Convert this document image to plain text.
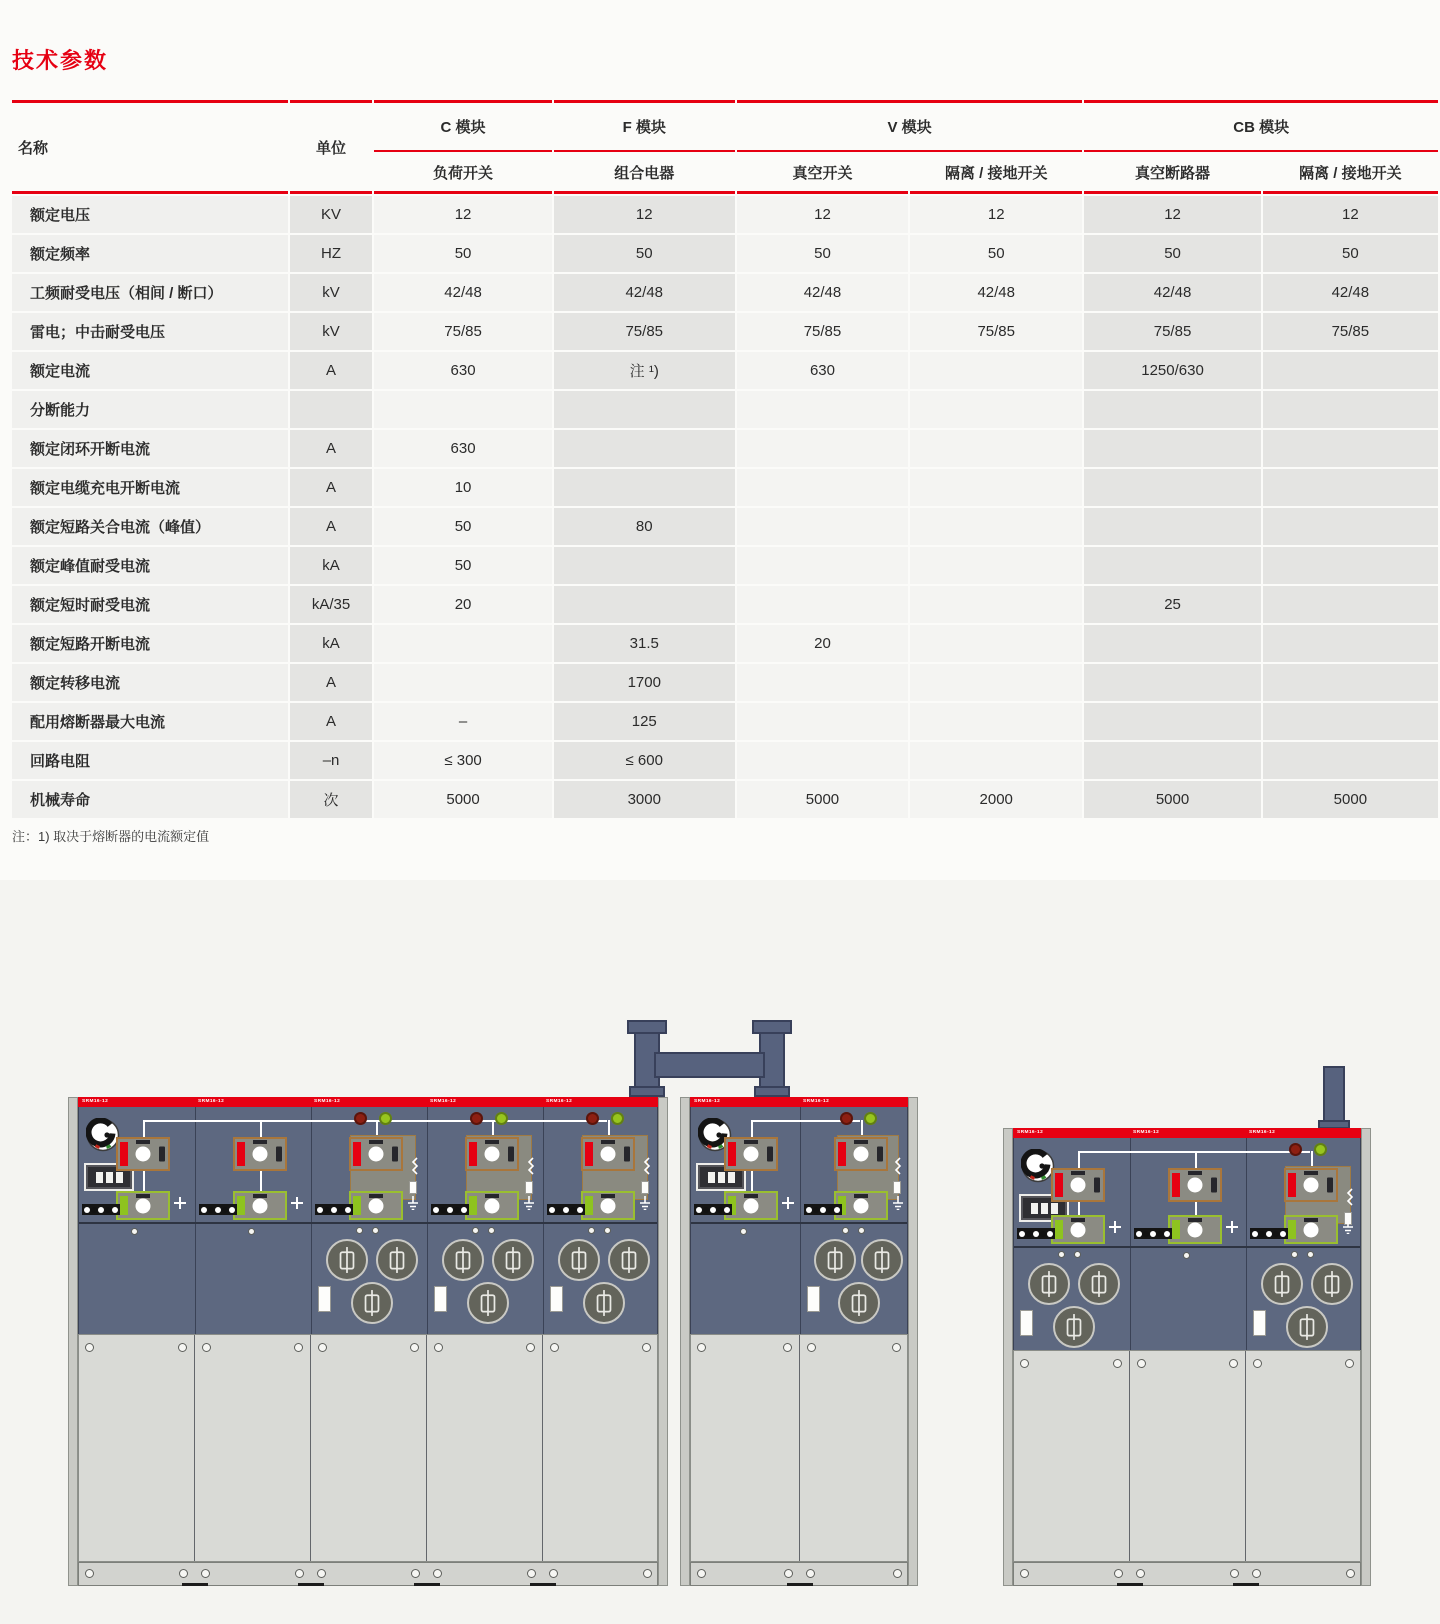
技术参数
名称	单位	C 模块	F 模块	V 模块		CB 模块	
		负荷开关	组合电器	真空开关	隔离 / 接地开关	真空断路器	隔离 / 接地开关
额定电压	KV	12	12	12	12	12	12
额定频率	HZ	50	50	50	50	50	50
工频耐受电压（相间 / 断口）	kV	42/48	42/48	42/48	42/48	42/48	42/48
雷电；中击耐受电压	kV	75/85	75/85	75/85	75/85	75/85	75/85
额定电流	A	630	注 ¹)	630		1250/630	
分断能力							
额定闭环开断电流	A	630					
额定电缆充电开断电流	A	10					
额定短路关合电流（峰值）	A	50	80				
额定峰值耐受电流	kA	50					
额定短时耐受电流	kA/35	20				25	
额定短路开断电流	kA		31.5	20			
额定转移电流	A		1700				
配用熔断器最大电流	A	–	125				
回路电阻	–n	≤ 300	≤ 600				
机械寿命	次	5000	3000	5000	2000	5000	5000
注：1) 取决于熔断器的电流额定值
SRM16-12	SRM16-12	SRM16-12	SRM16-12	SRM16-12	SRM16-12	SRM16-12
SRM16-12	SRM16-12	SRM16-12
